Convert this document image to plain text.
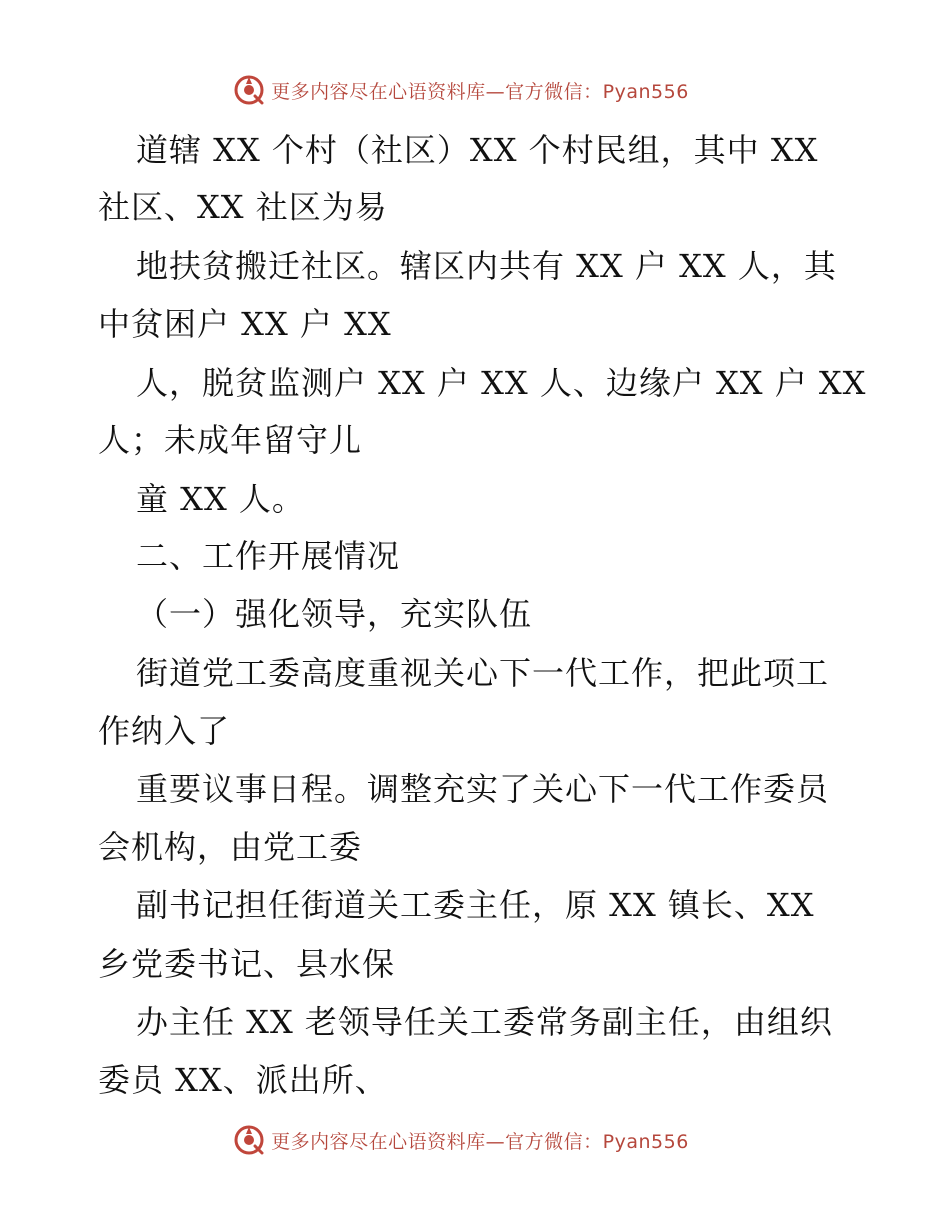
更多内容尽在心语资料库—官方微信：Pyan556
道辖 XX 个村（社区）XX 个村民组，其中 XX
社区、XX 社区为易
地扶贫搬迁社区。辖区内共有 XX 户 XX 人，其
中贫困户 XX 户 XX
人，脱贫监测户 XX 户 XX 人、边缘户 XX 户 XX
人；未成年留守儿
童 XX 人。
二、工作开展情况
（一）强化领导，充实队伍
街道党工委高度重视关心下一代工作，把此项工
作纳入了
重要议事日程。调整充实了关心下一代工作委员
会机构，由党工委
副书记担任街道关工委主任，原 XX 镇长、XX
乡党委书记、县水保
办主任 XX 老领导任关工委常务副主任，由组织
委员 XX、派出所、
更多内容尽在心语资料库—官方微信：Pyan556
